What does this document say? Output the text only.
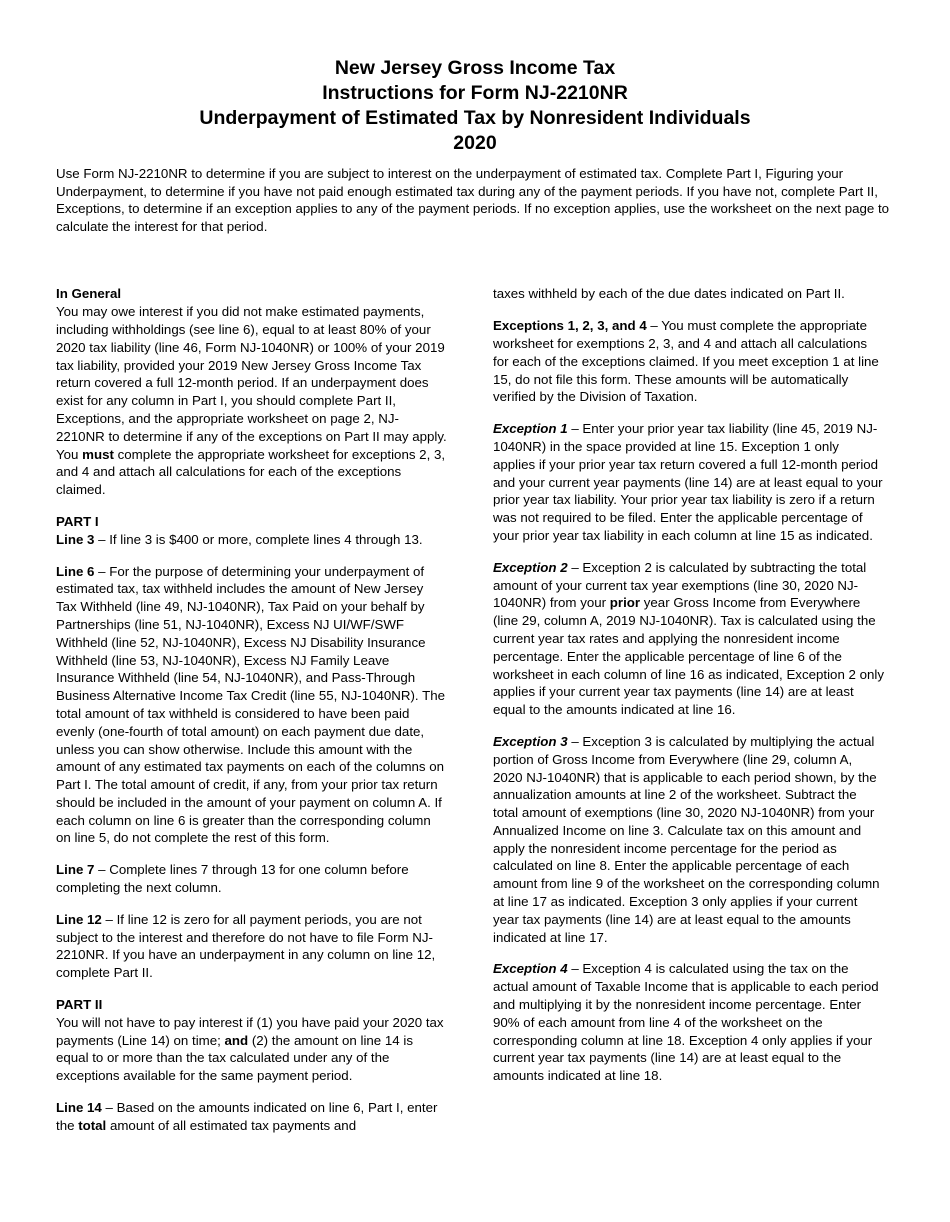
New Jersey Gross Income Tax
Instructions for Form NJ-2210NR
Underpayment of Estimated Tax by Nonresident Individuals
2020
Use Form NJ-2210NR to determine if you are subject to interest on the underpayment of estimated tax. Complete Part I, Figuring your Underpayment, to determine if you have not paid enough estimated tax during any of the payment periods. If you have not, complete Part II, Exceptions, to determine if an exception applies to any of the payment periods. If no exception applies, use the worksheet on the next page to calculate the interest for that period.
In General

You may owe interest if you did not make estimated payments, including withholdings (see line 6), equal to at least 80% of your 2020 tax liability (line 46, Form NJ-1040NR) or 100% of your 2019 tax liability, provided your 2019 New Jersey Gross Income Tax return covered a full 12-month period. If an underpayment does exist for any column in Part I, you should complete Part II, Exceptions, and the appropriate worksheet on page 2, NJ-2210NR to determine if any of the exceptions on Part II may apply. You must complete the appropriate worksheet for exceptions 2, 3, and 4 and attach all calculations for each of the exceptions claimed.

PART I

Line 3 – If line 3 is $400 or more, complete lines 4 through 13.

Line 6 – For the purpose of determining your underpayment of estimated tax, tax withheld includes the amount of New Jersey Tax Withheld (line 49, NJ-1040NR), Tax Paid on your behalf by Partnerships (line 51, NJ-1040NR), Excess NJ UI/WF/SWF Withheld (line 52, NJ-1040NR), Excess NJ Disability Insurance Withheld (line 53, NJ-1040NR), Excess NJ Family Leave Insurance Withheld (line 54, NJ-1040NR), and Pass-Through Business Alternative Income Tax Credit (line 55, NJ-1040NR). The total amount of tax withheld is considered to have been paid evenly (one-fourth of total amount) on each payment due date, unless you can show otherwise. Include this amount with the amount of any estimated tax payments on each of the columns on Part I. The total amount of credit, if any, from your prior tax return should be included in the amount of your payment on column A. If each column on line 6 is greater than the corresponding column on line 5, do not complete the rest of this form.

Line 7 – Complete lines 7 through 13 for one column before completing the next column.

Line 12 – If line 12 is zero for all payment periods, you are not subject to the interest and therefore do not have to file Form NJ-2210NR. If you have an underpayment in any column on line 12, complete Part II.

PART II

You will not have to pay interest if (1) you have paid your 2020 tax payments (Line 14) on time; and (2) the amount on line 14 is equal to or more than the tax calculated under any of the exceptions available for the same payment period.

Line 14 – Based on the amounts indicated on line 6, Part I, enter the total amount of all estimated tax payments and

taxes withheld by each of the due dates indicated on Part II.

Exceptions 1, 2, 3, and 4 – You must complete the appropriate worksheet for exemptions 2, 3, and 4 and attach all calculations for each of the exceptions claimed. If you meet exception 1 at line 15, do not file this form. These amounts will be automatically verified by the Division of Taxation.

Exception 1 – Enter your prior year tax liability (line 45, 2019 NJ-1040NR) in the space provided at line 15. Exception 1 only applies if your prior year tax return covered a full 12-month period and your current year payments (line 14) are at least equal to your prior year tax liability. Your prior year tax liability is zero if a return was not required to be filed. Enter the applicable percentage of your prior year tax liability in each column at line 15 as indicated.

Exception 2 – Exception 2 is calculated by subtracting the total amount of your current tax year exemptions (line 30, 2020 NJ-1040NR) from your prior year Gross Income from Everywhere (line 29, column A, 2019 NJ-1040NR). Tax is calculated using the current year tax rates and applying the nonresident income percentage. Enter the applicable percentage of line 6 of the worksheet in each column of line 16 as indicated, Exception 2 only applies if your current year tax payments (line 14) are at least equal to the amounts indicated at line 16.

Exception 3 – Exception 3 is calculated by multiplying the actual portion of Gross Income from Everywhere (line 29, column A, 2020 NJ-1040NR) that is applicable to each period shown, by the annualization amounts at line 2 of the worksheet. Subtract the total amount of exemptions (line 30, 2020 NJ-1040NR) from your Annualized Income on line 3. Calculate tax on this amount and apply the nonresident income percentage for the period as calculated on line 8. Enter the applicable percentage of each amount from line 9 of the worksheet on the corresponding column at line 17 as indicated. Exception 3 only applies if your current year tax payments (line 14) are at least equal to the amounts indicated at line 17.

Exception 4 – Exception 4 is calculated using the tax on the actual amount of Taxable Income that is applicable to each period and multiplying it by the nonresident income percentage. Enter 90% of each amount from line 4 of the worksheet on the corresponding column at line 18. Exception 4 only applies if your current year tax payments (line 14) are at least equal to the amounts indicated at line 18.
